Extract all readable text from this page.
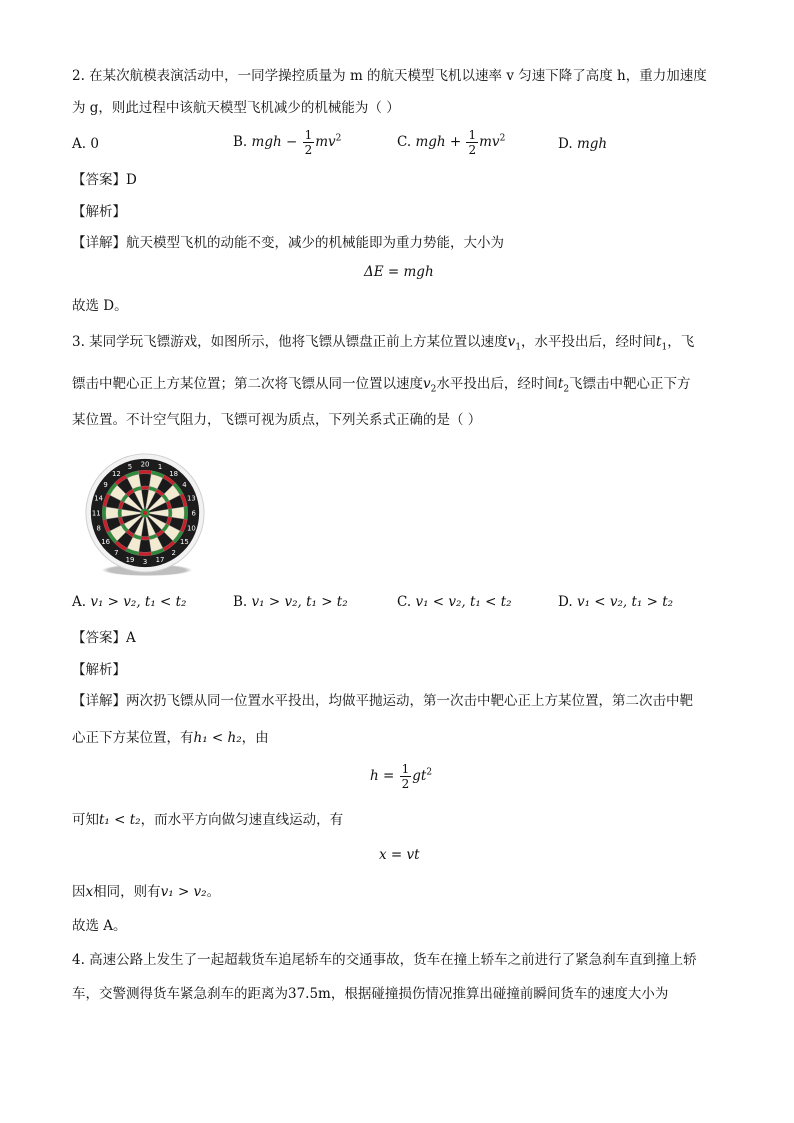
2. 在某次航模表演活动中，一同学操控质量为 m 的航天模型飞机以速率 v 匀速下降了高度 h，重力加速度
为 g，则此过程中该航天模型飞机减少的机械能为（ ）
A. 0	B. mgh − $\frac{1}{2} mv^2$	C. mgh + $\frac{1}{2} mv^2$	D. mgh
【答案】D
【解析】
【详解】航天模型飞机的动能不变，减少的机械能即为重力势能，大小为
ΔE = mgh
故选 D。
3. 某同学玩飞镖游戏，如图所示，他将飞镖从镖盘正前上方某位置以速度$v_1$，水平投出后，经时间$t_1$，飞
镖击中靶心正上方某位置；第二次将飞镖从同一位置以速度$v_2$水平投出后，经时间$t_2$飞镖击中靶心正下方
某位置。不计空气阻力，飞镖可视为质点，下列关系式正确的是（ ）
20 1
18
4
13
6
10
15
2
17
3
19
7
16
8
11
14
9
12
5
A. v₁ > v₂, t₁ < t₂	B. v₁ > v₂, t₁ > t₂	C. v₁ < v₂, t₁ < t₂	D. v₁ < v₂, t₁ > t₂
【答案】A
【解析】
【详解】两次扔飞镖从同一位置水平投出，均做平抛运动，第一次击中靶心正上方某位置，第二次击中靶
心正下方某位置，有h₁ < h₂，由
$h = \frac{1}{2} gt^2$
可知t₁ < t₂，而水平方向做匀速直线运动，有
x = vt
因x相同，则有v₁ > v₂。
故选 A。
4. 高速公路上发生了一起超载货车追尾轿车的交通事故，货车在撞上轿车之前进行了紧急刹车直到撞上轿
车，交警测得货车紧急刹车的距离为37.5m，根据碰撞损伤情况推算出碰撞前瞬间货车的速度大小为
